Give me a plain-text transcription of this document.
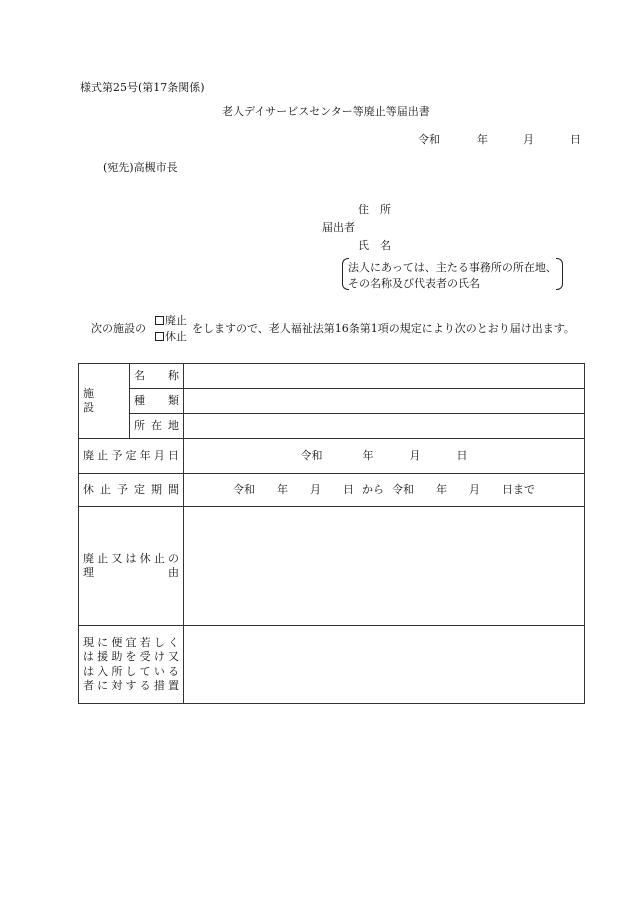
様式第25号(第17条関係)
老人デイサービスセンター等廃止等届出書
令和	年	月	日
(宛先)高槻市長
住　所
届出者
氏　名
法人にあっては、主たる事務所の所在地、
その名称及び代表者の氏名
次の施設の
廃止
休止
をしますので、老人福祉法第16条第1項の規定により次のとおり届け出ます。
施　　設	名　　称	
	種　　類	
	所在地	
廃止予定年月日		令和 年 月 日
休止予定期間		令和 年 月 日 から 令和 年 月 日まで

廃止又は休止の
理　　　　　由		

現に便宜若しく
は援助を受け又
は入所している
者に対する措置		
